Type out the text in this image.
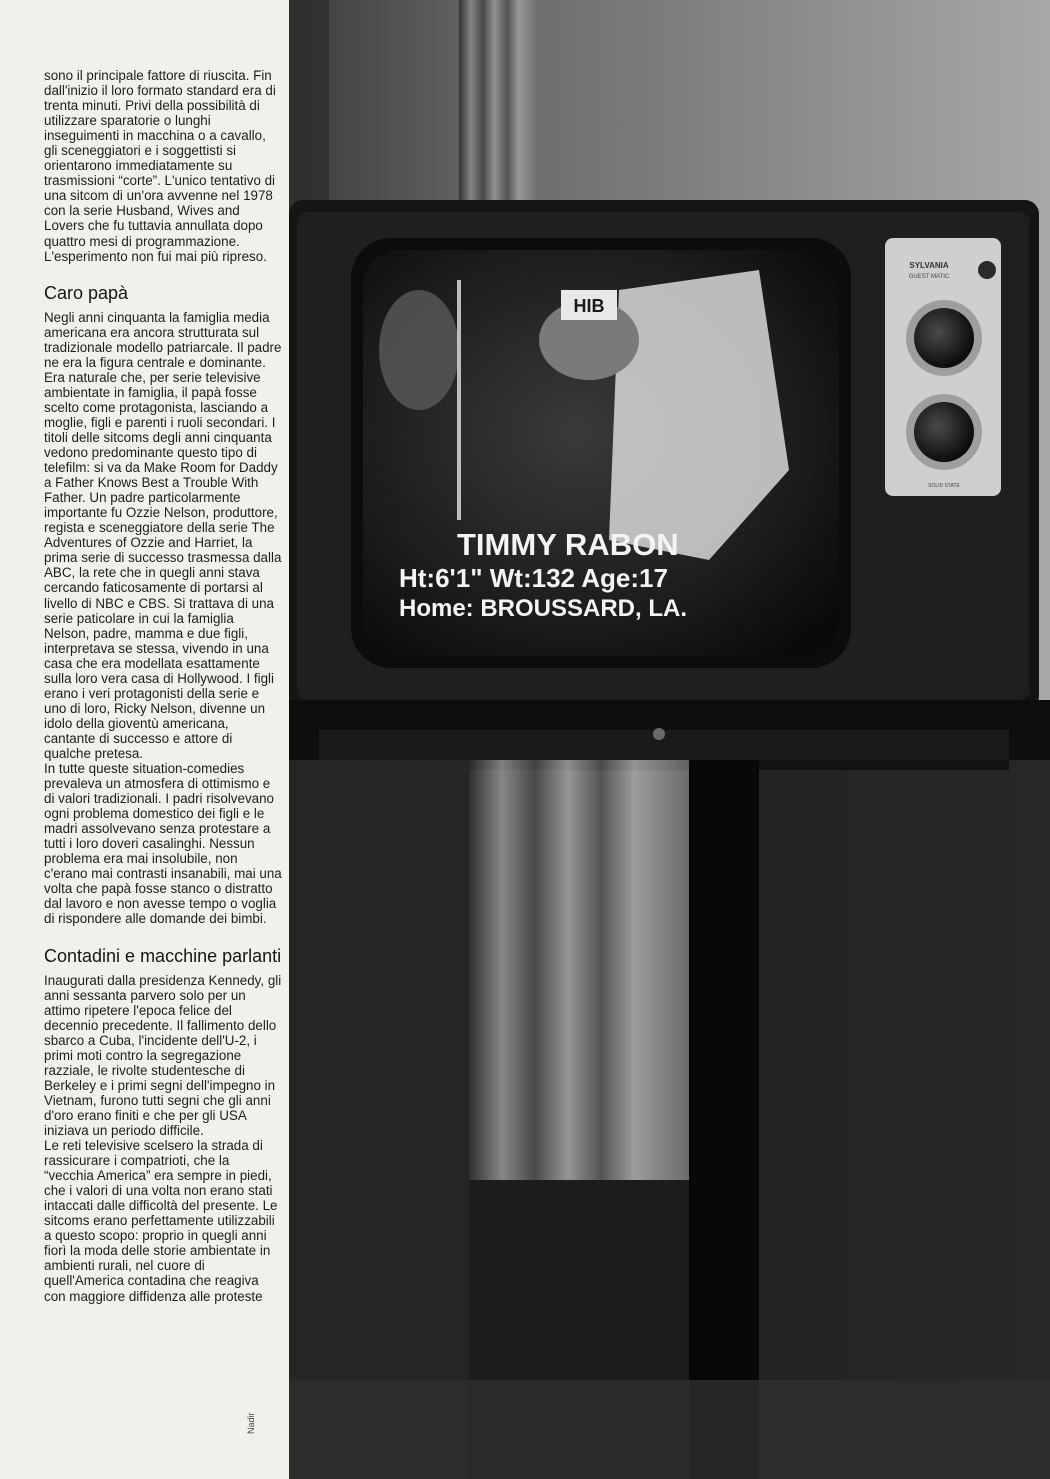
sono il principale fattore di riuscita. Fin dall'inizio il loro formato standard era di trenta minuti. Privi della possibilità di utilizzare sparatorie o lunghi inseguimenti in macchina o a cavallo, gli sceneggiatori e i soggettisti si orientarono immediatamente su trasmissioni “corte”. L'unico tentativo di una sitcom di un'ora avvenne nel 1978 con la serie Husband, Wives and Lovers che fu tuttavia annullata dopo quattro mesi di programmazione. L'esperimento non fui mai più ripreso.

Caro papà

Negli anni cinquanta la famiglia media americana era ancora strutturata sul tradizionale modello patriarcale. Il padre ne era la figura centrale e dominante. Era naturale che, per serie televisive ambientate in famiglia, il papà fosse scelto come protagonista, lasciando a moglie, figli e parenti i ruoli secondari. I titoli delle sitcoms degli anni cinquanta vedono predominante questo tipo di telefilm: si va da Make Room for Daddy a Father Knows Best a Trouble With Father. Un padre particolarmente importante fu Ozzie Nelson, produttore, regista e sceneggiatore della serie The Adventures of Ozzie and Harriet, la prima serie di successo trasmessa dalla ABC, la rete che in quegli anni stava cercando faticosamente di portarsi al livello di NBC e CBS. Si trattava di una serie paticolare in cui la famiglia Nelson, padre, mamma e due figli, interpretava se stessa, vivendo in una casa che era modellata esattamente sulla loro vera casa di Hollywood. I figli erano i veri protagonisti della serie e uno di loro, Ricky Nelson, divenne un idolo della gioventù americana, cantante di successo e attore di qualche pretesa.

In tutte queste situation-comedies prevaleva un atmosfera di ottimismo e di valori tradizionali. I padri risolvevano ogni problema domestico dei figli e le madri assolvevano senza protestare a tutti i loro doveri casalinghi. Nessun problema era mai insolubile, non c'erano mai contrasti insanabili, mai una volta che papà fosse stanco o distratto dal lavoro e non avesse tempo o voglia di rispondere alle domande dei bimbi.

Contadini e macchine parlanti

Inaugurati dalla presidenza Kennedy, gli anni sessanta parvero solo per un attimo ripetere l'epoca felice del decennio precedente. Il fallimento dello sbarco a Cuba, l'incidente dell'U-2, i primi moti contro la segregazione razziale, le rivolte studentesche di Berkeley e i primi segni dell'impegno in Vietnam, furono tutti segni che gli anni d'oro erano finiti e che per gli USA iniziava un periodo difficile.

Le reti televisive scelsero la strada di rassicurare i compatrioti, che la “vecchia America” era sempre in piedi, che i valori di una volta non erano stati intaccati dalle difficoltà del presente. Le sitcoms erano perfettamente utilizzabili a questo scopo: proprio in quegli anni fiorì la moda delle storie ambientate in ambienti rurali, nel cuore di quell'America contadina che reagiva con maggiore diffidenza alle proteste

Nadir
HIB
TIMMY RABON
Ht:6'1" Wt:132 Age:17
Home: BROUSSARD, LA.
SYLVANIA
GUEST MATIC
SOLID STATE
